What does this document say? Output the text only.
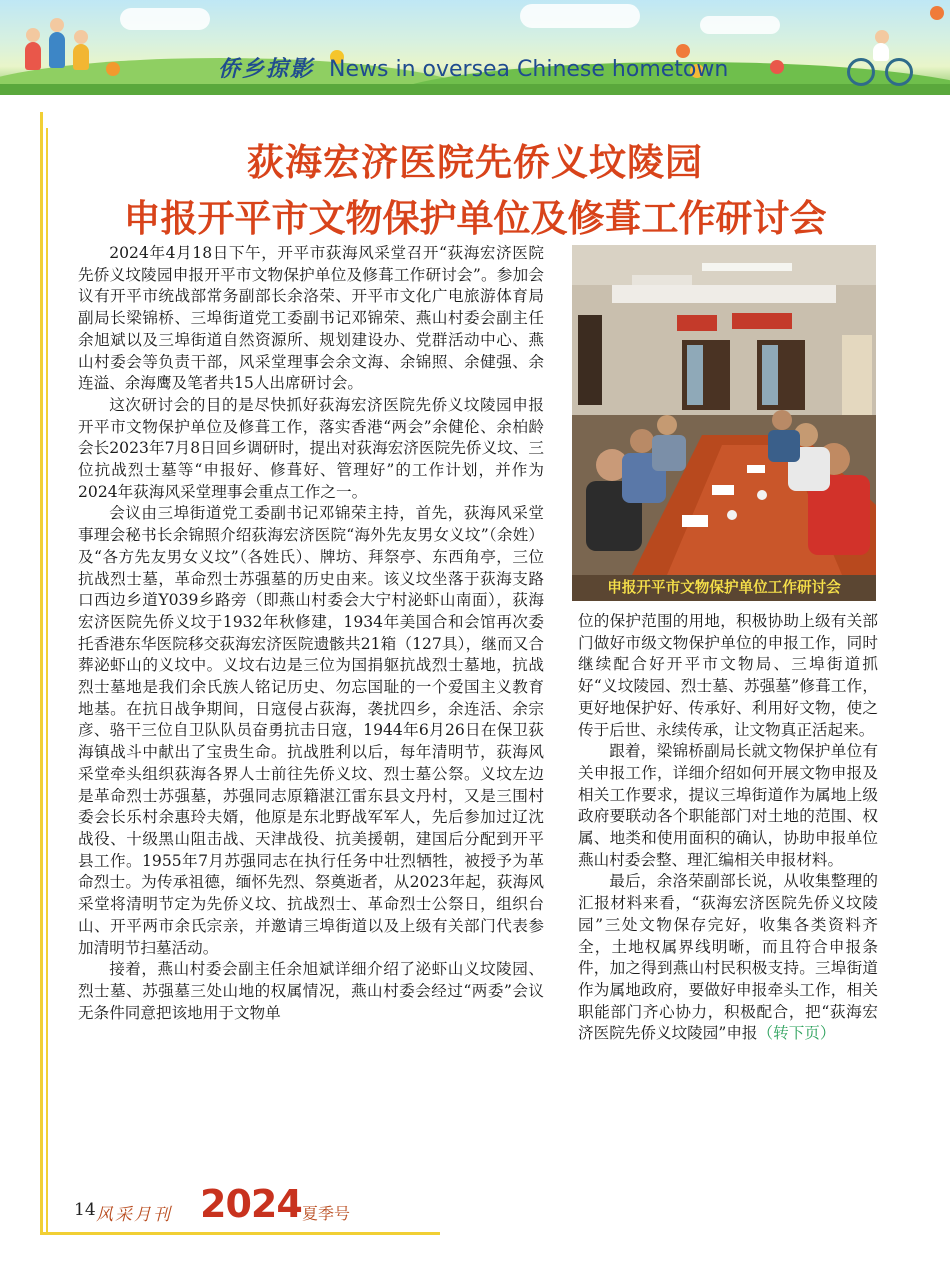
侨乡掠影 News in oversea Chinese hometown
荻海宏济医院先侨义坟陵园
申报开平市文物保护单位及修葺工作研讨会
申报开平市文物保护单位工作研讨会

2024年4月18日下午，开平市荻海风采堂召开“荻海宏济医院先侨义坟陵园申报开平市文物保护单位及修葺工作研讨会”。参加会议有开平市统战部常务副部长余洛荣、开平市文化广电旅游体育局副局长梁锦桥、三埠街道党工委副书记邓锦荣、燕山村委会副主任余旭斌以及三埠街道自然资源所、规划建设办、党群活动中心、燕山村委会等负责干部，风采堂理事会余文海、余锦照、余健强、余连溢、余海鹰及笔者共15人出席研讨会。

这次研讨会的目的是尽快抓好荻海宏济医院先侨义坟陵园申报开平市文物保护单位及修葺工作，落实香港“两会”余健伦、余柏龄会长2023年7月8日回乡调研时，提出对荻海宏济医院先侨义坟、三位抗战烈士墓等“申报好、修葺好、管理好”的工作计划，并作为2024年荻海风采堂理事会重点工作之一。

会议由三埠街道党工委副书记邓锦荣主持，首先，荻海风采堂事理会秘书长余锦照介绍荻海宏济医院“海外先友男女义坟”（余姓）及“各方先友男女义坟”（各姓氏）、牌坊、拜祭亭、东西角亭，三位抗战烈士墓，革命烈士苏强墓的历史由来。该义坟坐落于荻海支路口西边乡道Y039乡路旁（即燕山村委会大宁村泌虾山南面），荻海宏济医院先侨义坟于1932年秋修建，1934年美国合和会馆再次委托香港东华医院移交荻海宏济医院遗骸共21箱（127具），继而又合葬泌虾山的义坟中。义坟右边是三位为国捐躯抗战烈士墓地，抗战烈士墓地是我们余氏族人铭记历史、勿忘国耻的一个爱国主义教育地基。在抗日战争期间，日寇侵占荻海，袭扰四乡，余连活、余宗彦、骆干三位自卫队队员奋勇抗击日寇，1944年6月26日在保卫荻海镇战斗中献出了宝贵生命。抗战胜利以后，每年清明节，荻海风采堂牵头组织荻海各界人士前往先侨义坟、烈士墓公祭。义坟左边是革命烈士苏强墓，苏强同志原籍湛江雷东县文丹村，又是三围村委会长乐村余惠玲夫婿，他原是东北野战军军人，先后参加过辽沈战役、十级黑山阻击战、天津战役、抗美援朝，建国后分配到开平县工作。1955年7月苏强同志在执行任务中壮烈牺牲，被授予为革命烈士。为传承祖德，缅怀先烈、祭奠逝者，从2023年起，荻海风采堂将清明节定为先侨义坟、抗战烈士、革命烈士公祭日，组织台山、开平两市余氏宗亲，并邀请三埠街道以及上级有关部门代表参加清明节扫墓活动。

接着，燕山村委会副主任余旭斌详细介绍了泌虾山义坟陵园、烈士墓、苏强墓三处山地的权属情况，燕山村委会经过“两委”会议无条件同意把该地用于文物单

位的保护范围的用地，积极协助上级有关部门做好市级文物保护单位的申报工作，同时继续配合好开平市文物局、三埠街道抓好“义坟陵园、烈士墓、苏强墓”修葺工作，更好地保护好、传承好、利用好文物，使之传于后世、永续传承，让文物真正活起来。

跟着，梁锦桥副局长就文物保护单位有关申报工作，详细介绍如何开展文物申报及相关工作要求，提议三埠街道作为属地上级政府要联动各个职能部门对土地的范围、权属、地类和使用面积的确认，协助申报单位燕山村委会整、理汇编相关申报材料。

最后，余洛荣副部长说，从收集整理的汇报材料来看，“荻海宏济医院先侨义坟陵园”三处文物保存完好，收集各类资料齐全，土地权属界线明晰，而且符合申报条件，加之得到燕山村民积极支持。三埠街道作为属地政府，要做好申报牵头工作，相关职能部门齐心协力，积极配合，把“荻海宏济医院先侨义坟陵园”申报（转下页）

14 风采月刊 2024 夏季号
